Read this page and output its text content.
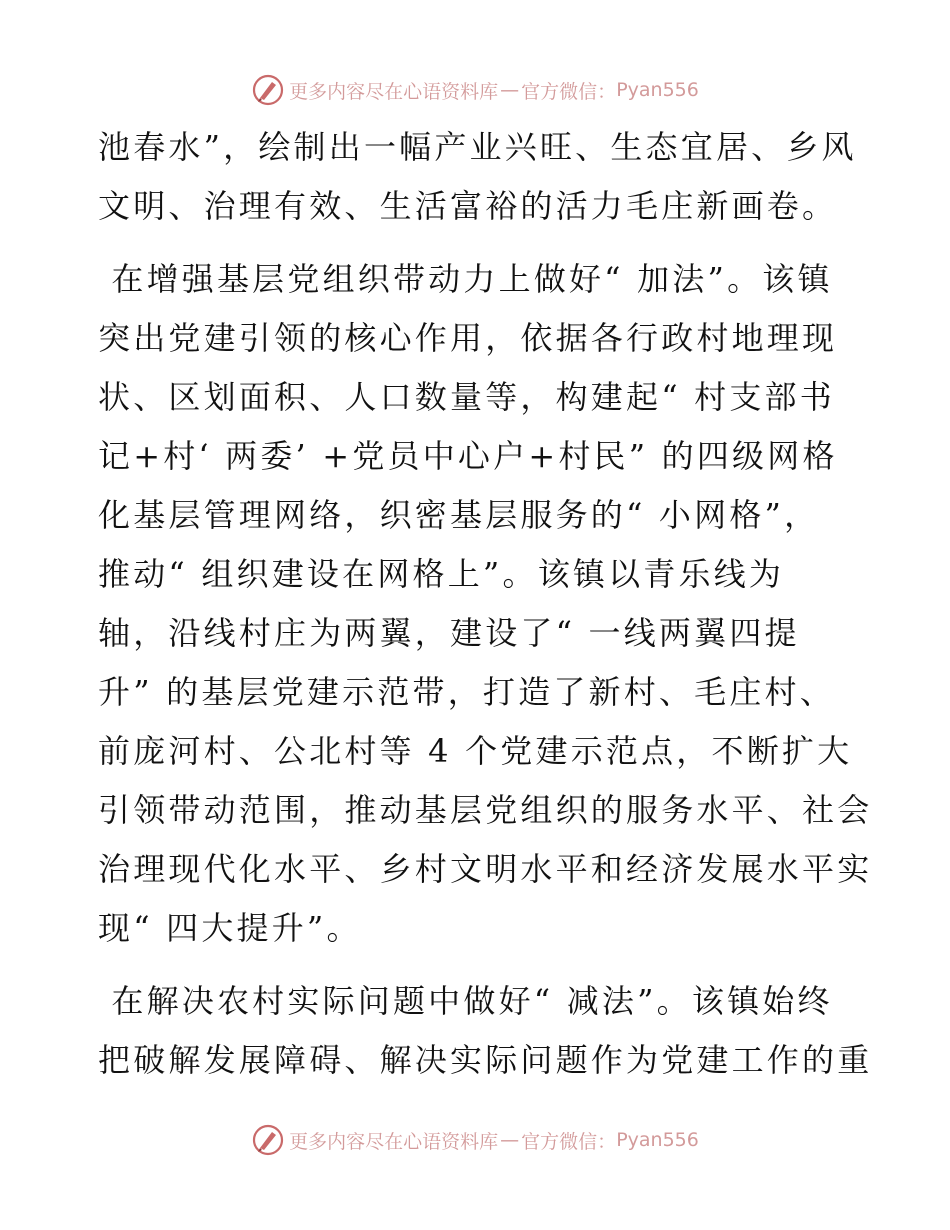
更多内容尽在心语资料库 — 官方微信： Pyan556
池春水”，绘制出一幅产业兴旺、生态宜居、乡风
文明、治理有效、生活富裕的活力毛庄新画卷。
在增强基层党组织带动力上做好“ 加法”。该镇
突出党建引领的核心作用，依据各行政村地理现
状、区划面积、人口数量等，构建起“ 村支部书
记+村‘ 两委’ +党员中心户+村民” 的四级网格
化基层管理网络，织密基层服务的“ 小网格”，
推动“ 组织建设在网格上”。该镇以青乐线为
轴，沿线村庄为两翼，建设了“ 一线两翼四提
升” 的基层党建示范带，打造了新村、毛庄村、
前庞河村、公北村等 4 个党建示范点，不断扩大
引领带动范围，推动基层党组织的服务水平、社会
治理现代化水平、乡村文明水平和经济发展水平实
现“ 四大提升”。
在解决农村实际问题中做好“ 减法”。该镇始终
把破解发展障碍、解决实际问题作为党建工作的重
更多内容尽在心语资料库 — 官方微信： Pyan556
